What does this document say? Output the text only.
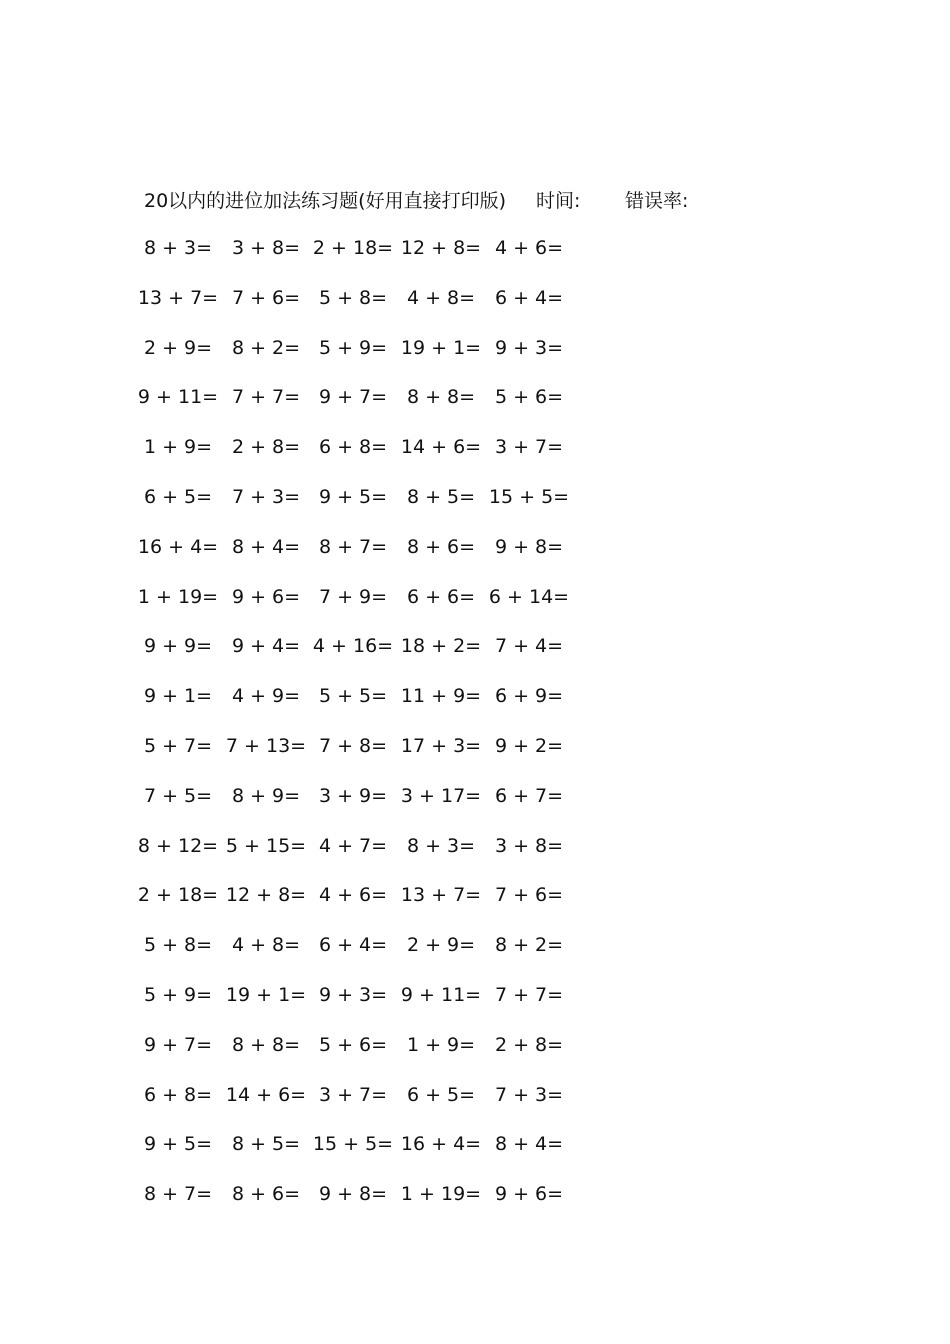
20以内的进位加法练习题(好用直接打印版) 时间: 错误率:
8 + 3=	3 + 8= 2 + 18= 12 + 8= 4 + 6=
13 + 7= 7 + 6= 5 + 8=	4 + 8=	6 + 4=
2 + 9=	8 + 2= 5 + 9= 19 + 1= 9 + 3=
9 + 11= 7 + 7= 9 + 7=	8 + 8=	5 + 6=
1 + 9=	2 + 8= 6 + 8= 14 + 6= 3 + 7=
6 + 5=	7 + 3= 9 + 5=	8 + 5= 15 + 5=
16 + 4= 8 + 4= 8 + 7=	8 + 6=	9 + 8=
1 + 19= 9 + 6= 7 + 9=	6 + 6= 6 + 14=
9 + 9=	9 + 4= 4 + 16= 18 + 2= 7 + 4=
9 + 1=	4 + 9= 5 + 5= 11 + 9= 6 + 9=
5 + 7= 7 + 13= 7 + 8= 17 + 3= 9 + 2=
7 + 5=	8 + 9= 3 + 9= 3 + 17= 6 + 7=
8 + 12= 5 + 15= 4 + 7=	8 + 3=	3 + 8=
2 + 18= 12 + 8= 4 + 6= 13 + 7= 7 + 6=
5 + 8=	4 + 8= 6 + 4=	2 + 9=	8 + 2=
5 + 9= 19 + 1= 9 + 3= 9 + 11= 7 + 7=
9 + 7=	8 + 8= 5 + 6=	1 + 9=	2 + 8=
6 + 8= 14 + 6= 3 + 7=	6 + 5=	7 + 3=
9 + 5=	8 + 5= 15 + 5= 16 + 4= 8 + 4=
8 + 7=	8 + 6= 9 + 8= 1 + 19= 9 + 6=
